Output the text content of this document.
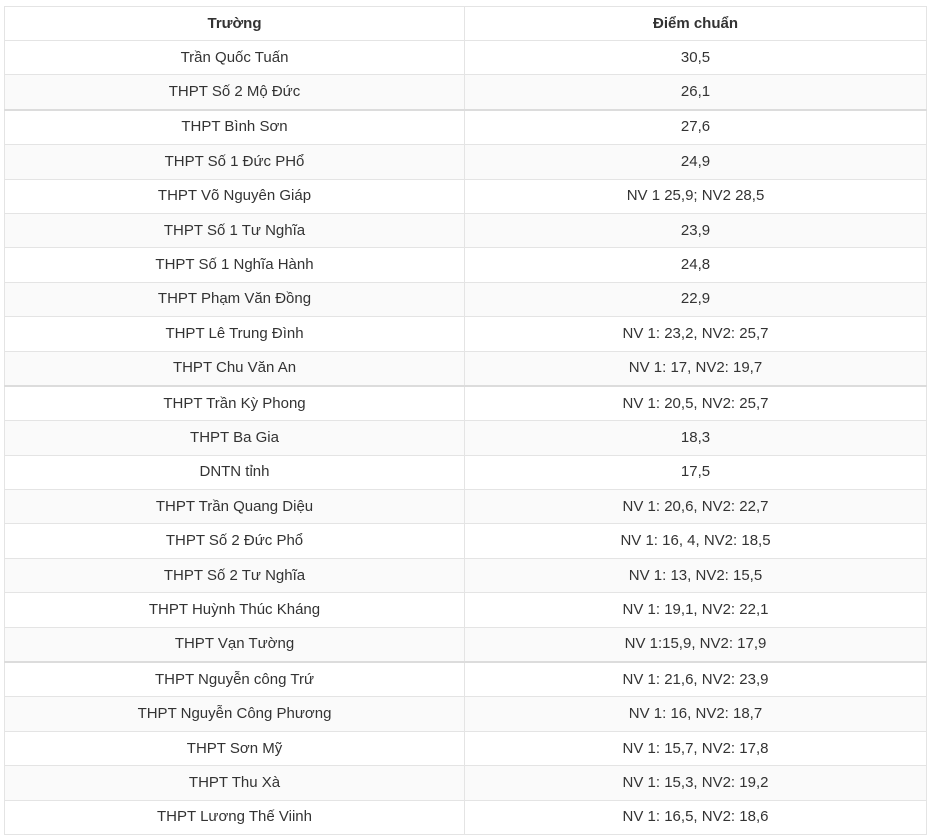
Trường	Điểm chuẩn
Trần Quốc Tuấn	30,5
THPT Số 2 Mộ Đức	26,1
THPT Bình Sơn	27,6
THPT Số 1 Đức PHổ	24,9
THPT Võ Nguyên Giáp	NV 1 25,9; NV2 28,5
THPT Số 1 Tư Nghĩa	23,9
THPT Số 1 Nghĩa Hành	24,8
THPT Phạm Văn Đồng	22,9
THPT Lê Trung Đình	NV 1: 23,2, NV2: 25,7
THPT Chu Văn An	NV 1: 17, NV2: 19,7
THPT Trần Kỳ Phong	NV 1: 20,5, NV2: 25,7
THPT Ba Gia	18,3
DNTN tỉnh	17,5
THPT Trần Quang Diệu	NV 1: 20,6, NV2: 22,7
THPT Số 2 Đức Phổ	NV 1: 16, 4, NV2: 18,5
THPT Số 2 Tư Nghĩa	NV 1: 13, NV2: 15,5
THPT Huỳnh Thúc Kháng	NV 1: 19,1, NV2: 22,1
THPT Vạn Tường	NV 1:15,9, NV2: 17,9
THPT Nguyễn công Trứ	NV 1: 21,6, NV2: 23,9
THPT Nguyễn Công Phương	NV 1: 16, NV2: 18,7
THPT Sơn Mỹ	NV 1: 15,7, NV2: 17,8
THPT Thu Xà	NV 1: 15,3, NV2: 19,2
THPT Lương Thế Viinh	NV 1: 16,5, NV2: 18,6
